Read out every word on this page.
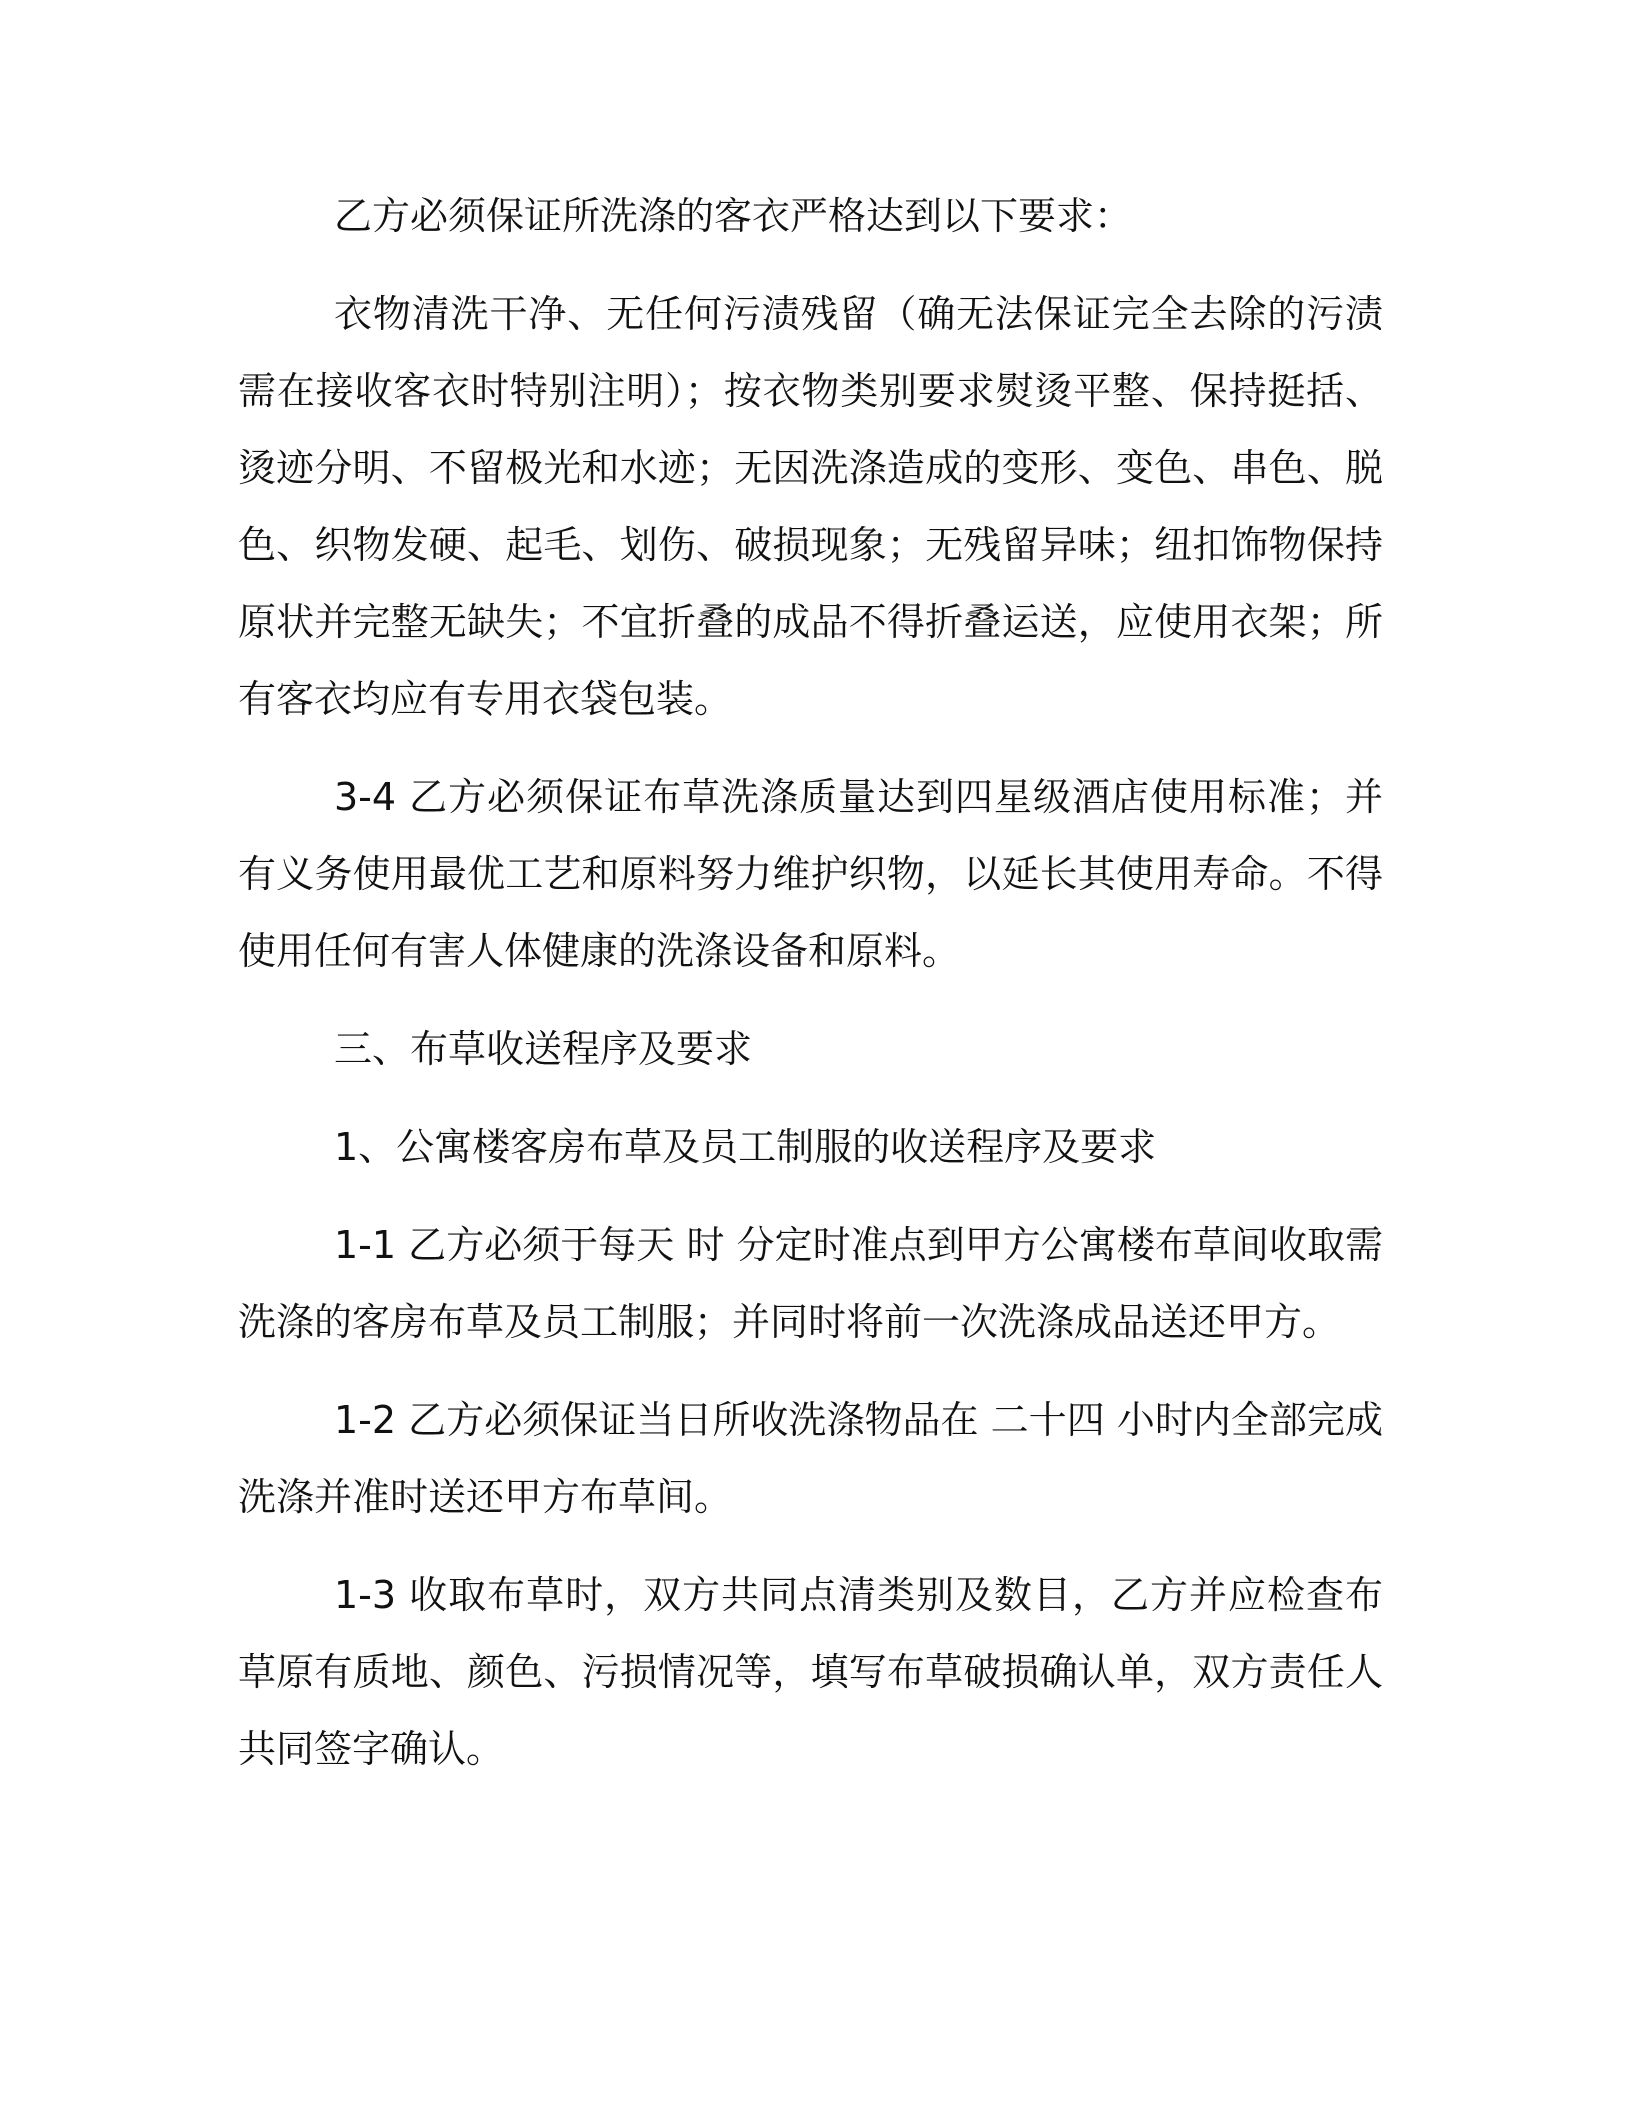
乙方必须保证所洗涤的客衣严格达到以下要求：

衣物清洗干净、无任何污渍残留（确无法保证完全去除的污渍需在接收客衣时特别注明）；按衣物类别要求熨烫平整、保持挺括、烫迹分明、不留极光和水迹；无因洗涤造成的变形、变色、串色、脱色、织物发硬、起毛、划伤、破损现象；无残留异味；纽扣饰物保持原状并完整无缺失；不宜折叠的成品不得折叠运送，应使用衣架；所有客衣均应有专用衣袋包装。

3-4 乙方必须保证布草洗涤质量达到四星级酒店使用标准；并有义务使用最优工艺和原料努力维护织物，以延长其使用寿命。不得使用任何有害人体健康的洗涤设备和原料。

三、布草收送程序及要求

1、公寓楼客房布草及员工制服的收送程序及要求

1-1 乙方必须于每天 时 分定时准点到甲方公寓楼布草间收取需洗涤的客房布草及员工制服；并同时将前一次洗涤成品送还甲方。

1-2 乙方必须保证当日所收洗涤物品在 二十四 小时内全部完成洗涤并准时送还甲方布草间。

1-3 收取布草时，双方共同点清类别及数目，乙方并应检查布草原有质地、颜色、污损情况等，填写布草破损确认单，双方责任人共同签字确认。
